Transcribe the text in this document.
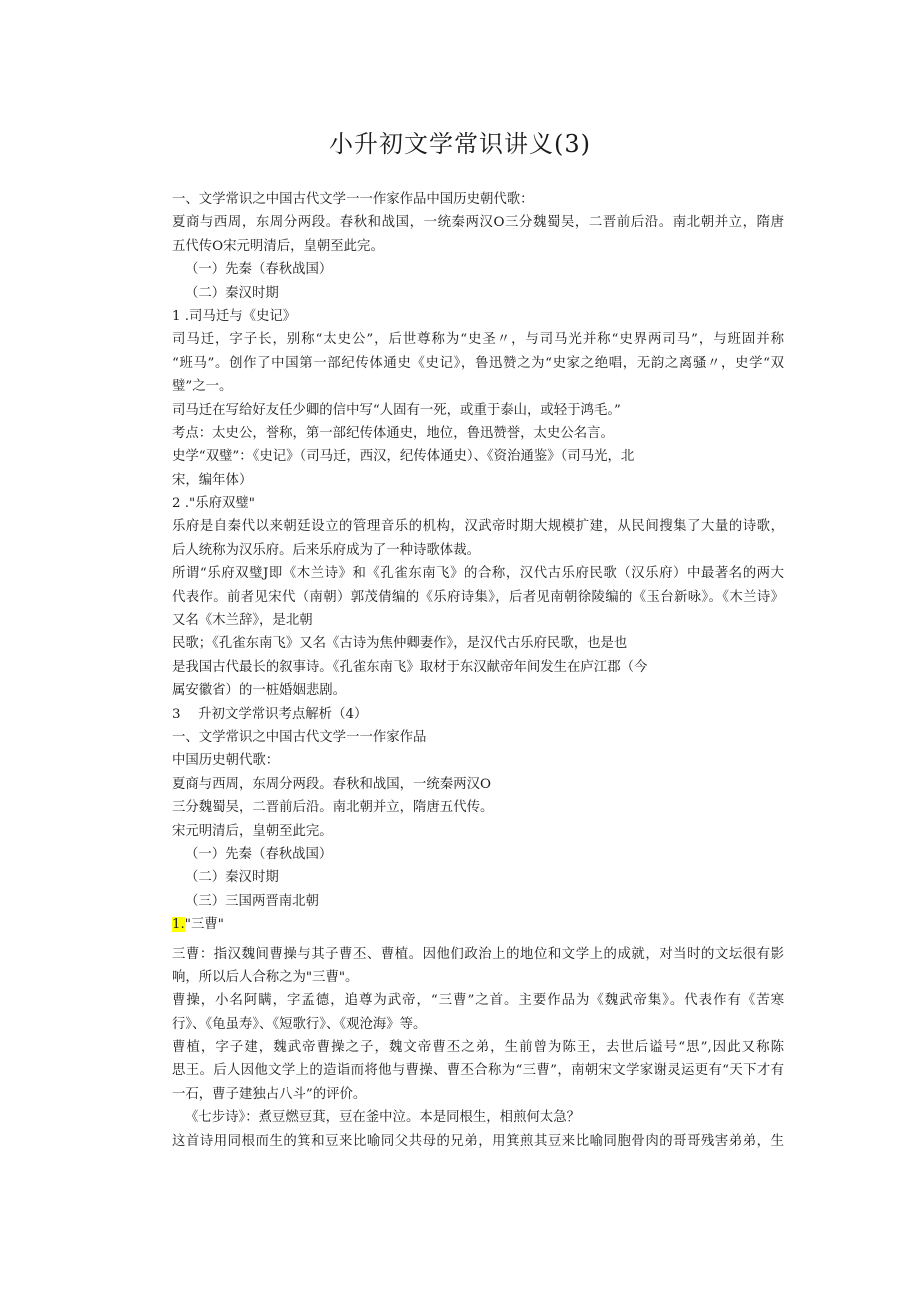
小升初文学常识讲义(3)
一、文学常识之中国古代文学一一作家作品中国历史朝代歌：
夏商与西周，东周分两段。春秋和战国，一统秦两汉O三分魏蜀吴，二晋前后沿。南北朝并立，隋唐
五代传O宋元明清后，皇朝至此完。
（一）先秦（春秋战国）
（二）秦汉时期
1 .司马迁与《史记》
司马迁，字子长，别称“太史公”，后世尊称为“史圣〃，与司马光并称“史界两司马”，与班固并称
“班马”。创作了中国第一部纪传体通史《史记》，鲁迅赞之为“史家之绝唱，无韵之离骚〃，史学“双
璧”之一。
司马迁在写给好友任少卿的信中写“人固有一死，或重于泰山，或轻于鸿毛。”
考点：太史公，誉称，第一部纪传体通史，地位，鲁迅赞誉，太史公名言。
史学“双璧”：《史记》（司马迁，西汉，纪传体通史）、《资治通鉴》（司马光，北
宋，编年体）
2 ."乐府双璧"
乐府是自秦代以来朝廷设立的管理音乐的机构，汉武帝时期大规模扩建，从民间搜集了大量的诗歌，
后人统称为汉乐府。后来乐府成为了一种诗歌体裁。
所谓“乐府双璧J即《木兰诗》和《孔雀东南飞》的合称，汉代古乐府民歌（汉乐府）中最著名的两大
代表作。前者见宋代（南朝）郭茂倩编的《乐府诗集》，后者见南朝徐陵编的《玉台新咏》。《木兰诗》
又名《木兰辞》，是北朝
民歌；《孔雀东南飞》又名《古诗为焦仲卿妻作》，是汉代古乐府民歌，也是也
是我国古代最长的叙事诗。《孔雀东南飞》取材于东汉献帝年间发生在庐江郡（今
属安徽省）的一桩婚姻悲剧。
3 　升初文学常识考点解析（4）
一、文学常识之中国古代文学一一作家作品
中国历史朝代歌：
夏商与西周，东周分两段。春秋和战国，一统秦两汉O
三分魏蜀吴，二晋前后沿。南北朝并立，隋唐五代传。
宋元明清后，皇朝至此完。
（一）先秦（春秋战国）
（二）秦汉时期
（三）三国两晋南北朝
1."三曹"
三曹：指汉魏间曹操与其子曹丕、曹植。因他们政治上的地位和文学上的成就，对当时的文坛很有影
响，所以后人合称之为"三曹"。
曹操，小名阿瞒，字孟德，追尊为武帝，“三曹”之首。主要作品为《魏武帝集》。代表作有《苦寒
行》、《龟虽寿》、《短歌行》、《观沧海》等。
曹植，字子建，魏武帝曹操之子，魏文帝曹丕之弟，生前曾为陈王，去世后谥号“思”,因此又称陈
思王。后人因他文学上的造诣而将他与曹操、曹丕合称为“三曹”，南朝宋文学家谢灵运更有“天下才有
一石，曹子建独占八斗”的评价。
《七步诗》：煮豆燃豆萁，豆在釜中泣。本是同根生，相煎何太急？
这首诗用同根而生的箕和豆来比喻同父共母的兄弟，用箕煎其豆来比喻同胞骨肉的哥哥残害弟弟，生
